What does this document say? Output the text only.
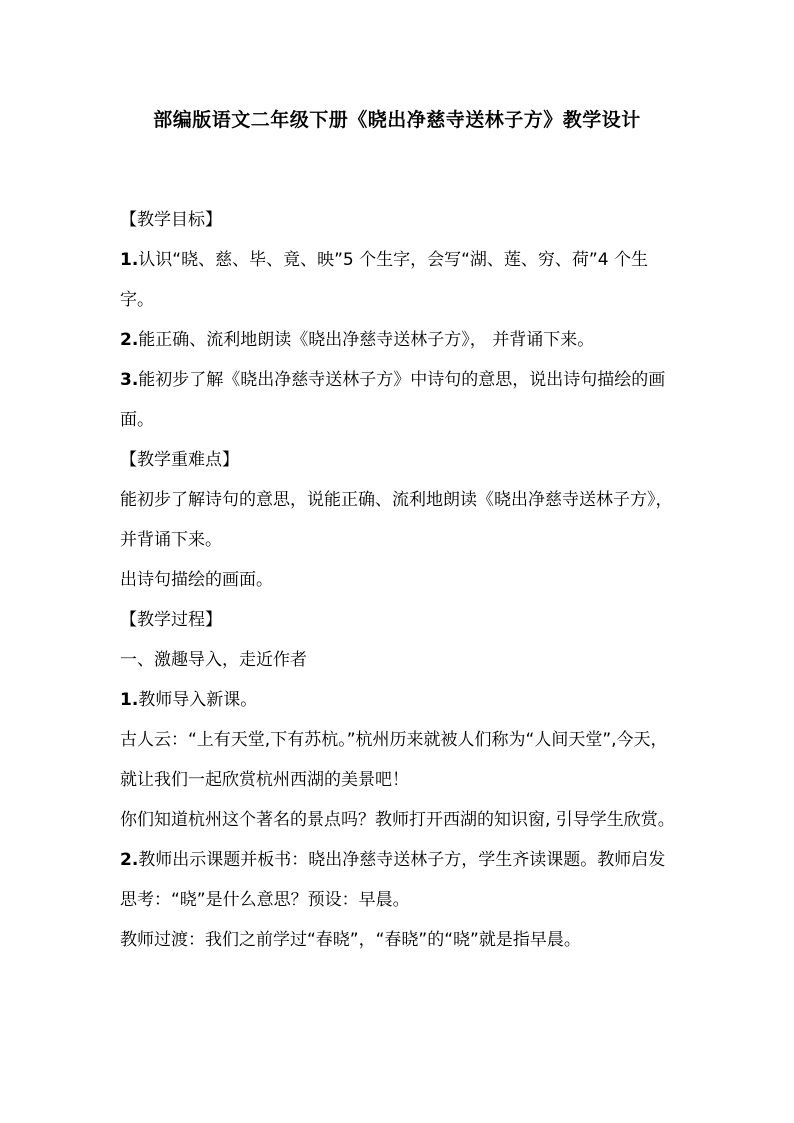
部编版语文二年级下册《晓出净慈寺送林子方》教学设计

【教学目标】

1.认识“晓、慈、毕、竟、映”5 个生字，会写“湖、莲、穷、荷”4 个生字。

2.能正确、流利地朗读《晓出净慈寺送林子方》， 并背诵下来。

3.能初步了解《晓出净慈寺送林子方》中诗句的意思，说出诗句描绘的画面。

【教学重难点】

能初步了解诗句的意思，说能正确、流利地朗读《晓出净慈寺送林子方》， 并背诵下来。

出诗句描绘的画面。

【教学过程】

一、激趣导入，走近作者

1.教师导入新课。

古人云：“上有天堂,下有苏杭。”杭州历来就被人们称为“人间天堂”,今天，就让我们一起欣赏杭州西湖的美景吧！

你们知道杭州这个著名的景点吗？教师打开西湖的知识窗, 引导学生欣赏。

2.教师出示课题并板书：晓出净慈寺送林子方，学生齐读课题。教师启发思考：“晓”是什么意思？预设：早晨。

教师过渡：我们之前学过“春晓”，“春晓”的“晓”就是指早晨。
